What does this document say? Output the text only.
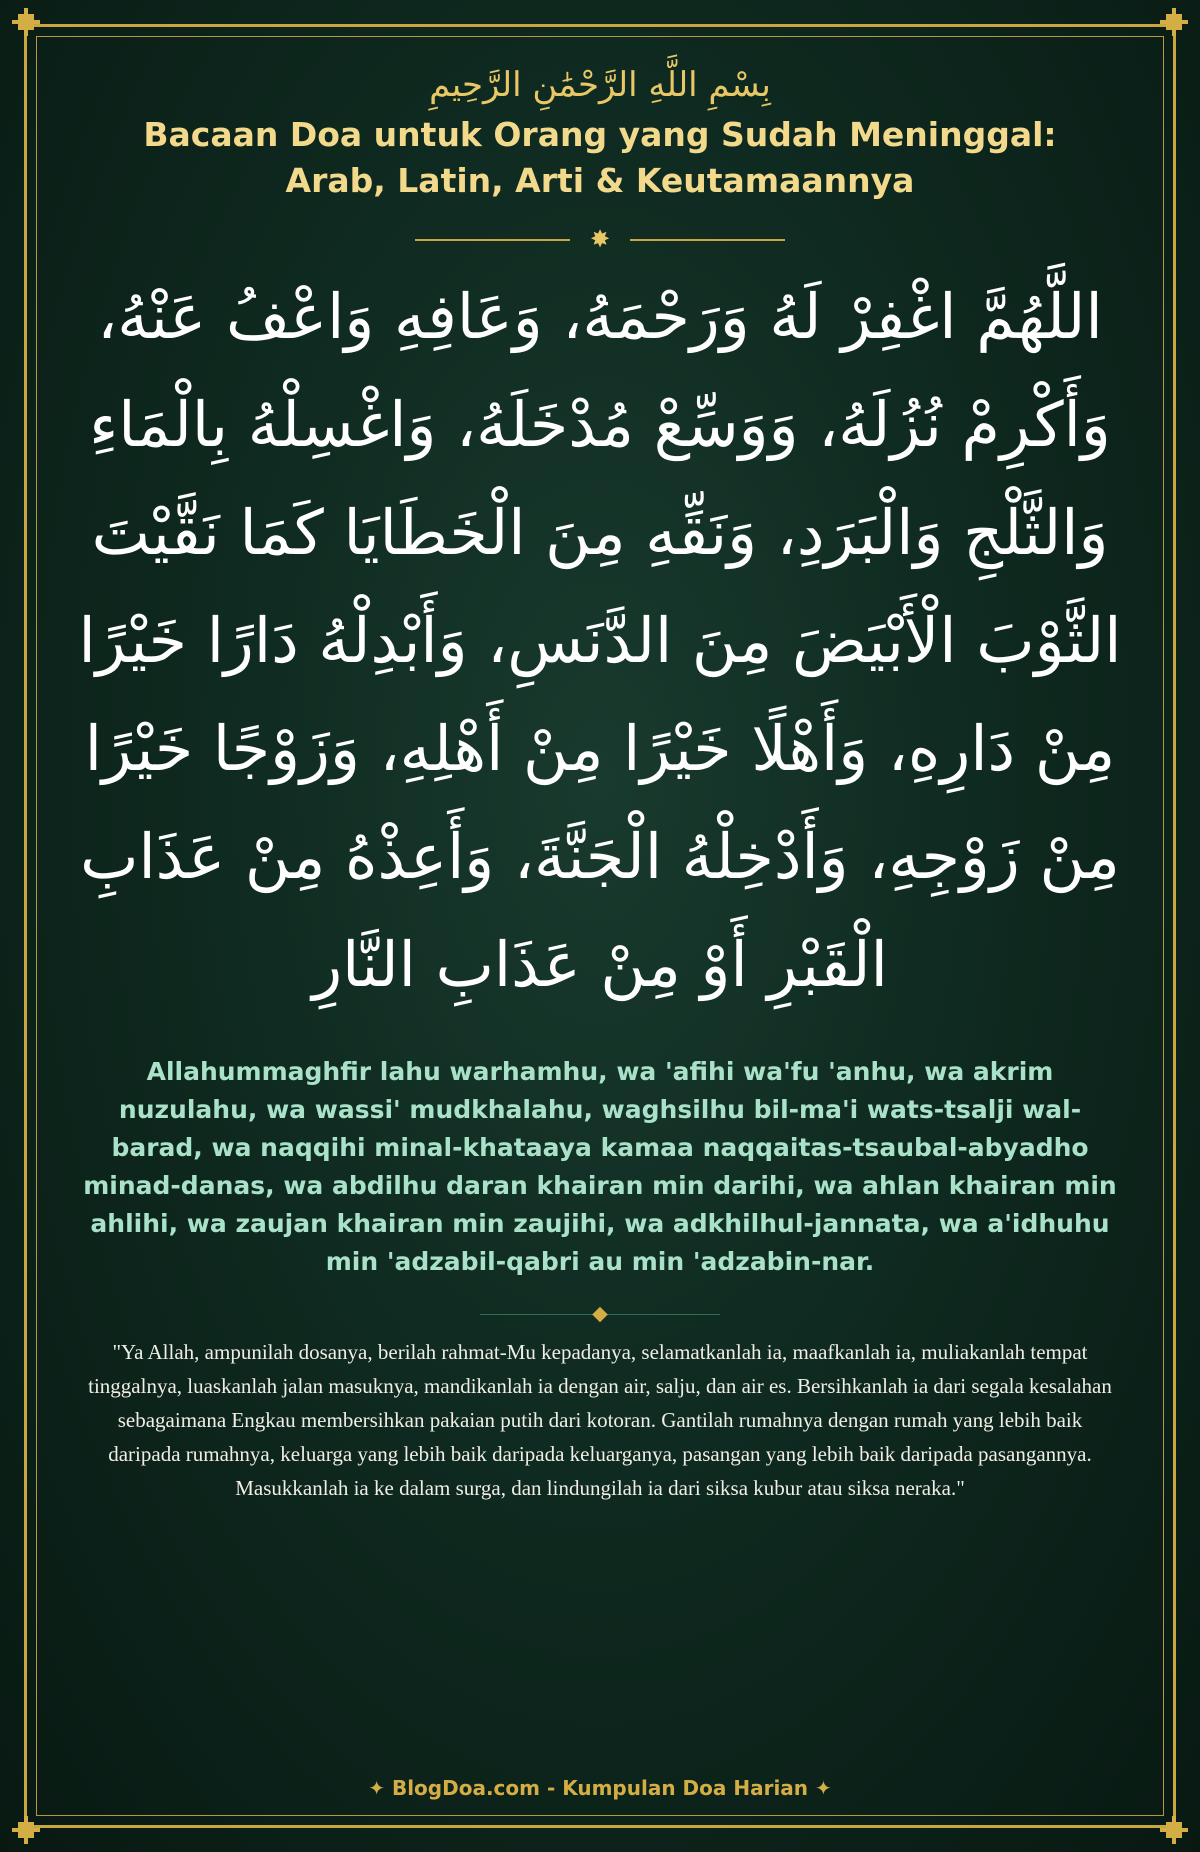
بِسْمِ اللَّهِ الرَّحْمَٰنِ الرَّحِيمِ
Bacaan Doa untuk Orang yang Sudah Meninggal:
Arab, Latin, Arti & Keutamaannya
✸
اللَّهُمَّ اغْفِرْ لَهُ وَرَحْمَهُ، وَعَافِهِ وَاعْفُ عَنْهُ،
وَأَكْرِمْ نُزُلَهُ، وَوَسِّعْ مُدْخَلَهُ، وَاغْسِلْهُ بِالْمَاءِ
وَالثَّلْجِ وَالْبَرَدِ، وَنَقِّهِ مِنَ الْخَطَايَا كَمَا نَقَّيْتَ
الثَّوْبَ الْأَبْيَضَ مِنَ الدَّنَسِ، وَأَبْدِلْهُ دَارًا خَيْرًا
مِنْ دَارِهِ، وَأَهْلًا خَيْرًا مِنْ أَهْلِهِ، وَزَوْجًا خَيْرًا
مِنْ زَوْجِهِ، وَأَدْخِلْهُ الْجَنَّةَ، وَأَعِذْهُ مِنْ عَذَابِ
الْقَبْرِ أَوْ مِنْ عَذَابِ النَّارِ
Allahummaghfir lahu warhamhu, wa 'afihi wa'fu 'anhu, wa akrim nuzulahu, wa wassi' mudkhalahu, waghsilhu bil-ma'i wats-tsalji wal-barad, wa naqqihi minal-khataaya kamaa naqqaitas-tsaubal-abyadho minad-danas, wa abdilhu daran khairan min darihi, wa ahlan khairan min ahlihi, wa zaujan khairan min zaujihi, wa adkhilhul-jannata, wa a'idhuhu min 'adzabil-qabri au min 'adzabin-nar.
"Ya Allah, ampunilah dosanya, berilah rahmat-Mu kepadanya, selamatkanlah ia, maafkanlah ia, muliakanlah tempat tinggalnya, luaskanlah jalan masuknya, mandikanlah ia dengan air, salju, dan air es. Bersihkanlah ia dari segala kesalahan sebagaimana Engkau membersihkan pakaian putih dari kotoran. Gantilah rumahnya dengan rumah yang lebih baik daripada rumahnya, keluarga yang lebih baik daripada keluarganya, pasangan yang lebih baik daripada pasangannya. Masukkanlah ia ke dalam surga, dan lindungilah ia dari siksa kubur atau siksa neraka."
✦ BlogDoa.com - Kumpulan Doa Harian ✦
